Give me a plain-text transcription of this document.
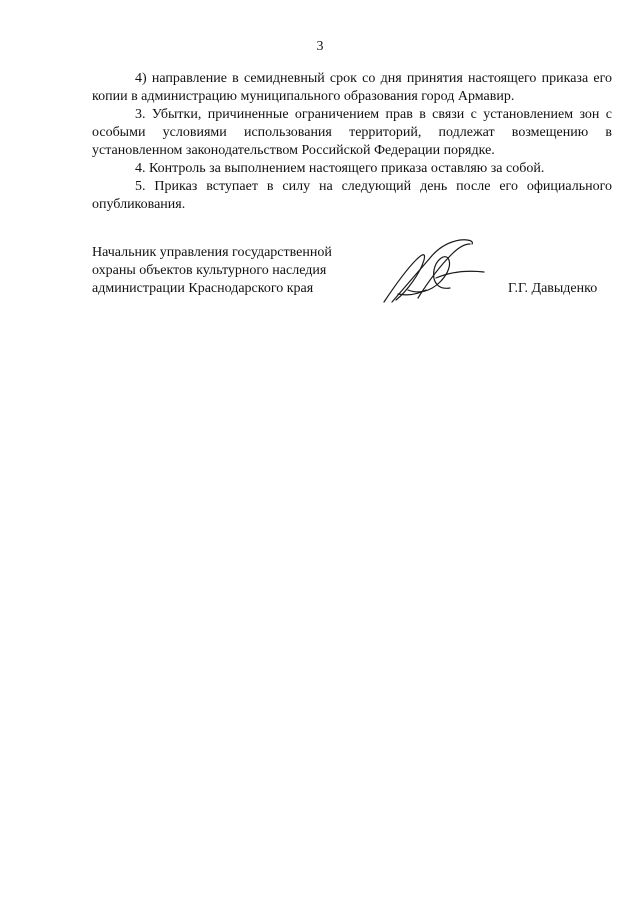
3

4) направление в семидневный срок со дня принятия настоящего приказа его копии в администрацию муниципального образования город Армавир.

3. Убытки, причиненные ограничением прав в связи с установлением зон с особыми условиями использования территорий, подлежат возмещению в установленном законодательством Российской Федерации порядке.

4. Контроль за выполнением настоящего приказа оставляю за собой.

5. Приказ вступает в силу на следующий день после его официального опубликования.

Начальник управления государственной
охраны объектов культурного наследия
администрации Краснодарского края	Г.Г. Давыденко
